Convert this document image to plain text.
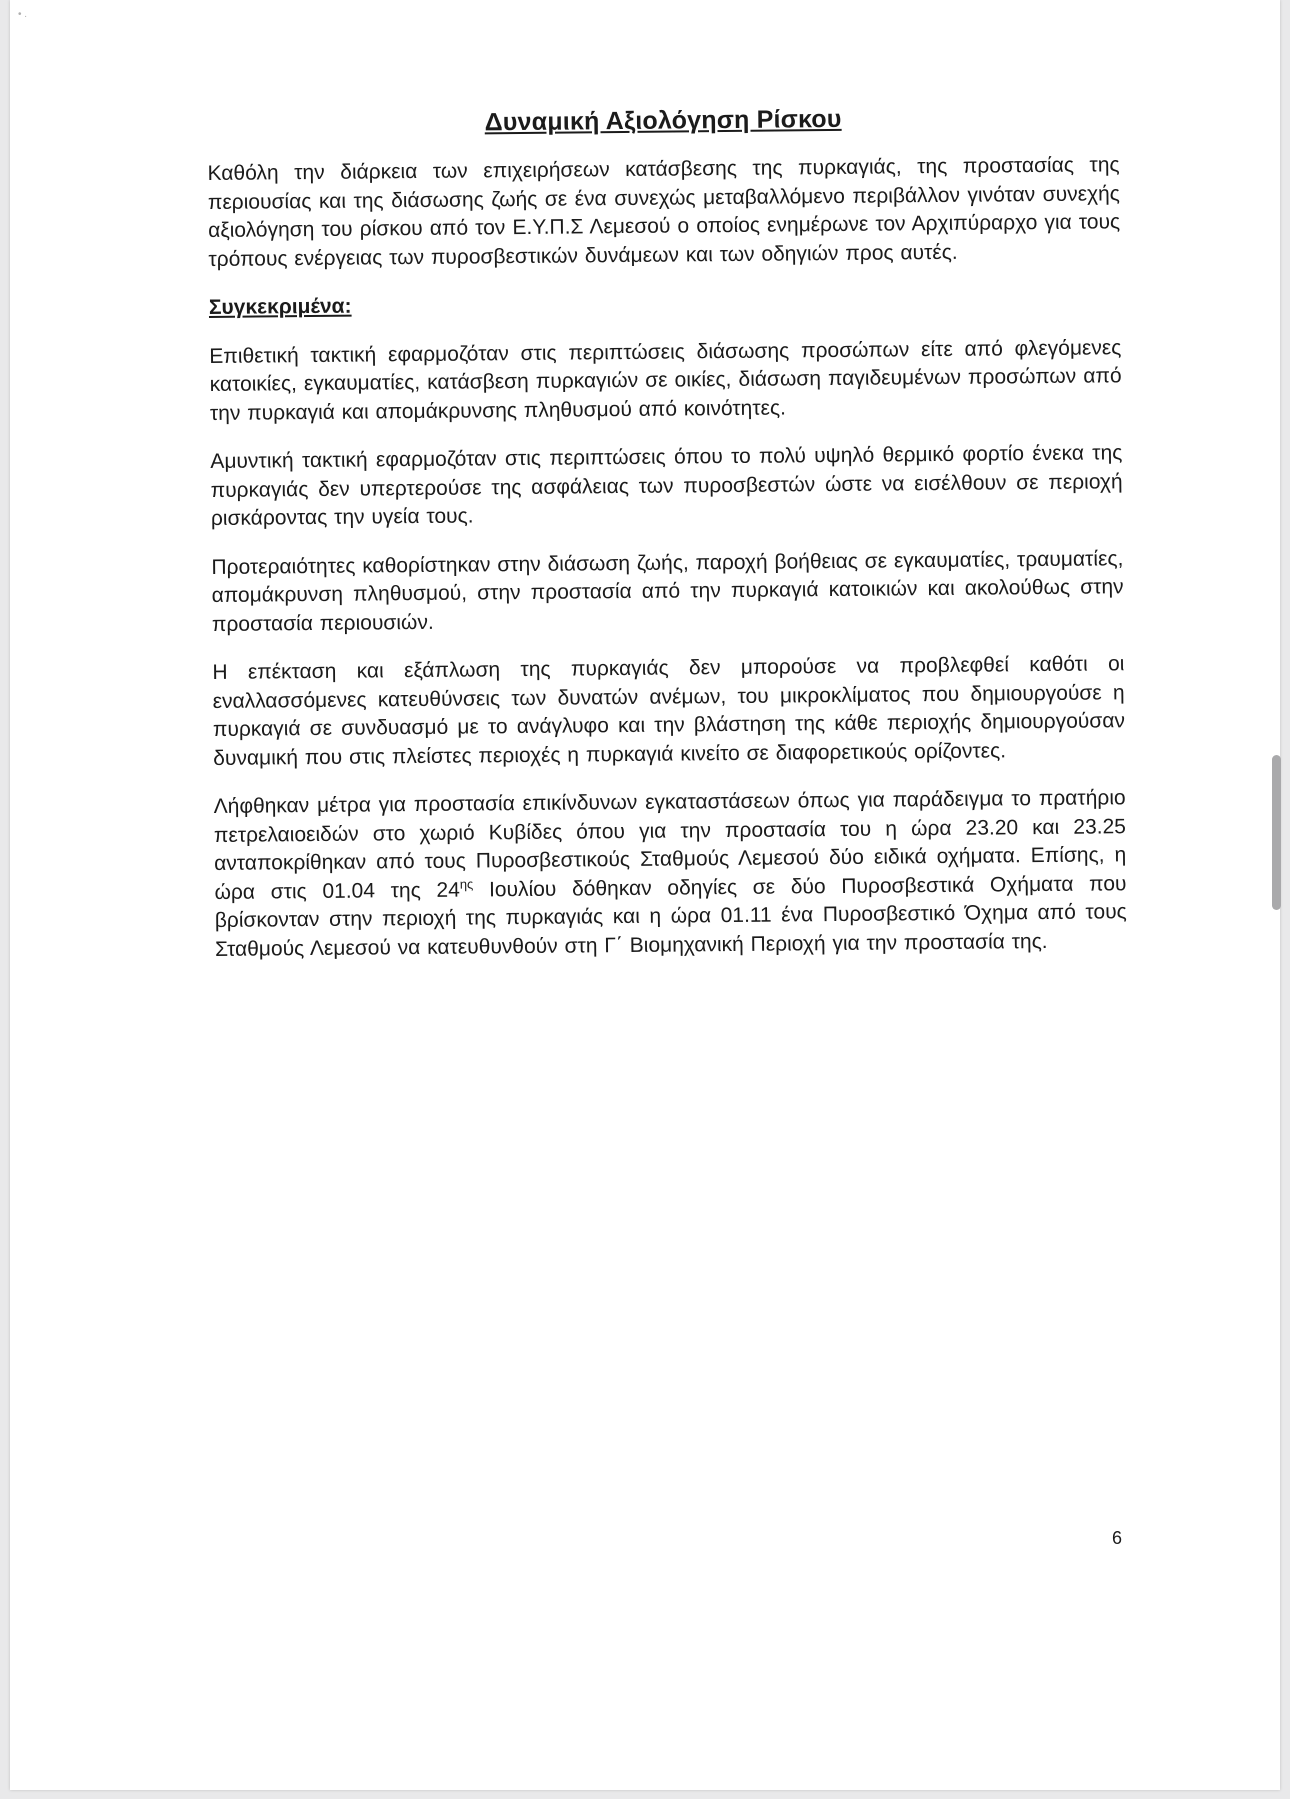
• .
Δυναμική Αξιολόγηση Ρίσκου
Καθόλη την διάρκεια των επιχειρήσεων κατάσβεσης της πυρκαγιάς, της προστασίας της περιουσίας και της διάσωσης ζωής σε ένα συνεχώς μεταβαλλόμενο περιβάλλον γινόταν συνεχής αξιολόγηση του ρίσκου από τον Ε.Υ.Π.Σ Λεμεσού ο οποίος ενημέρωνε τον Αρχιπύραρχο για τους τρόπους ενέργειας των πυροσβεστικών δυνάμεων και των οδηγιών προς αυτές.
Συγκεκριμένα:
Επιθετική τακτική εφαρμοζόταν στις περιπτώσεις διάσωσης προσώπων είτε από φλεγόμενες κατοικίες, εγκαυματίες, κατάσβεση πυρκαγιών σε οικίες, διάσωση παγιδευμένων προσώπων από την πυρκαγιά και απομάκρυνσης πληθυσμού από κοινότητες.
Αμυντική τακτική εφαρμοζόταν στις περιπτώσεις όπου το πολύ υψηλό θερμικό φορτίο ένεκα της πυρκαγιάς δεν υπερτερούσε της ασφάλειας των πυροσβεστών ώστε να εισέλθουν σε περιοχή ρισκάροντας την υγεία τους.
Προτεραιότητες καθορίστηκαν στην διάσωση ζωής, παροχή βοήθειας σε εγκαυματίες, τραυματίες, απομάκρυνση πληθυσμού, στην προστασία από την πυρκαγιά κατοικιών και ακολούθως στην προστασία περιουσιών.
Η επέκταση και εξάπλωση της πυρκαγιάς δεν μπορούσε να προβλεφθεί καθότι οι εναλλασσόμενες κατευθύνσεις των δυνατών ανέμων, του μικροκλίματος που δημιουργούσε η πυρκαγιά σε συνδυασμό με το ανάγλυφο και την βλάστηση της κάθε περιοχής δημιουργούσαν δυναμική που στις πλείστες περιοχές η πυρκαγιά κινείτο σε διαφορετικούς ορίζοντες.
Λήφθηκαν μέτρα για προστασία επικίνδυνων εγκαταστάσεων όπως για παράδειγμα το πρατήριο πετρελαιοειδών στο χωριό Κυβίδες όπου για την προστασία του η ώρα 23.20 και 23.25 ανταποκρίθηκαν από τους Πυροσβεστικούς Σταθμούς Λεμεσού δύο ειδικά οχήματα. Επίσης, η ώρα στις 01.04 της $24^{\eta\varsigma}$ Ιουλίου δόθηκαν οδηγίες σε δύο Πυροσβεστικά Οχήματα που βρίσκονταν στην περιοχή της πυρκαγιάς και η ώρα 01.11 ένα Πυροσβεστικό Όχημα από τους Σταθμούς Λεμεσού να κατευθυνθούν στη Γ΄ Βιομηχανική Περιοχή για την προστασία της.
6
